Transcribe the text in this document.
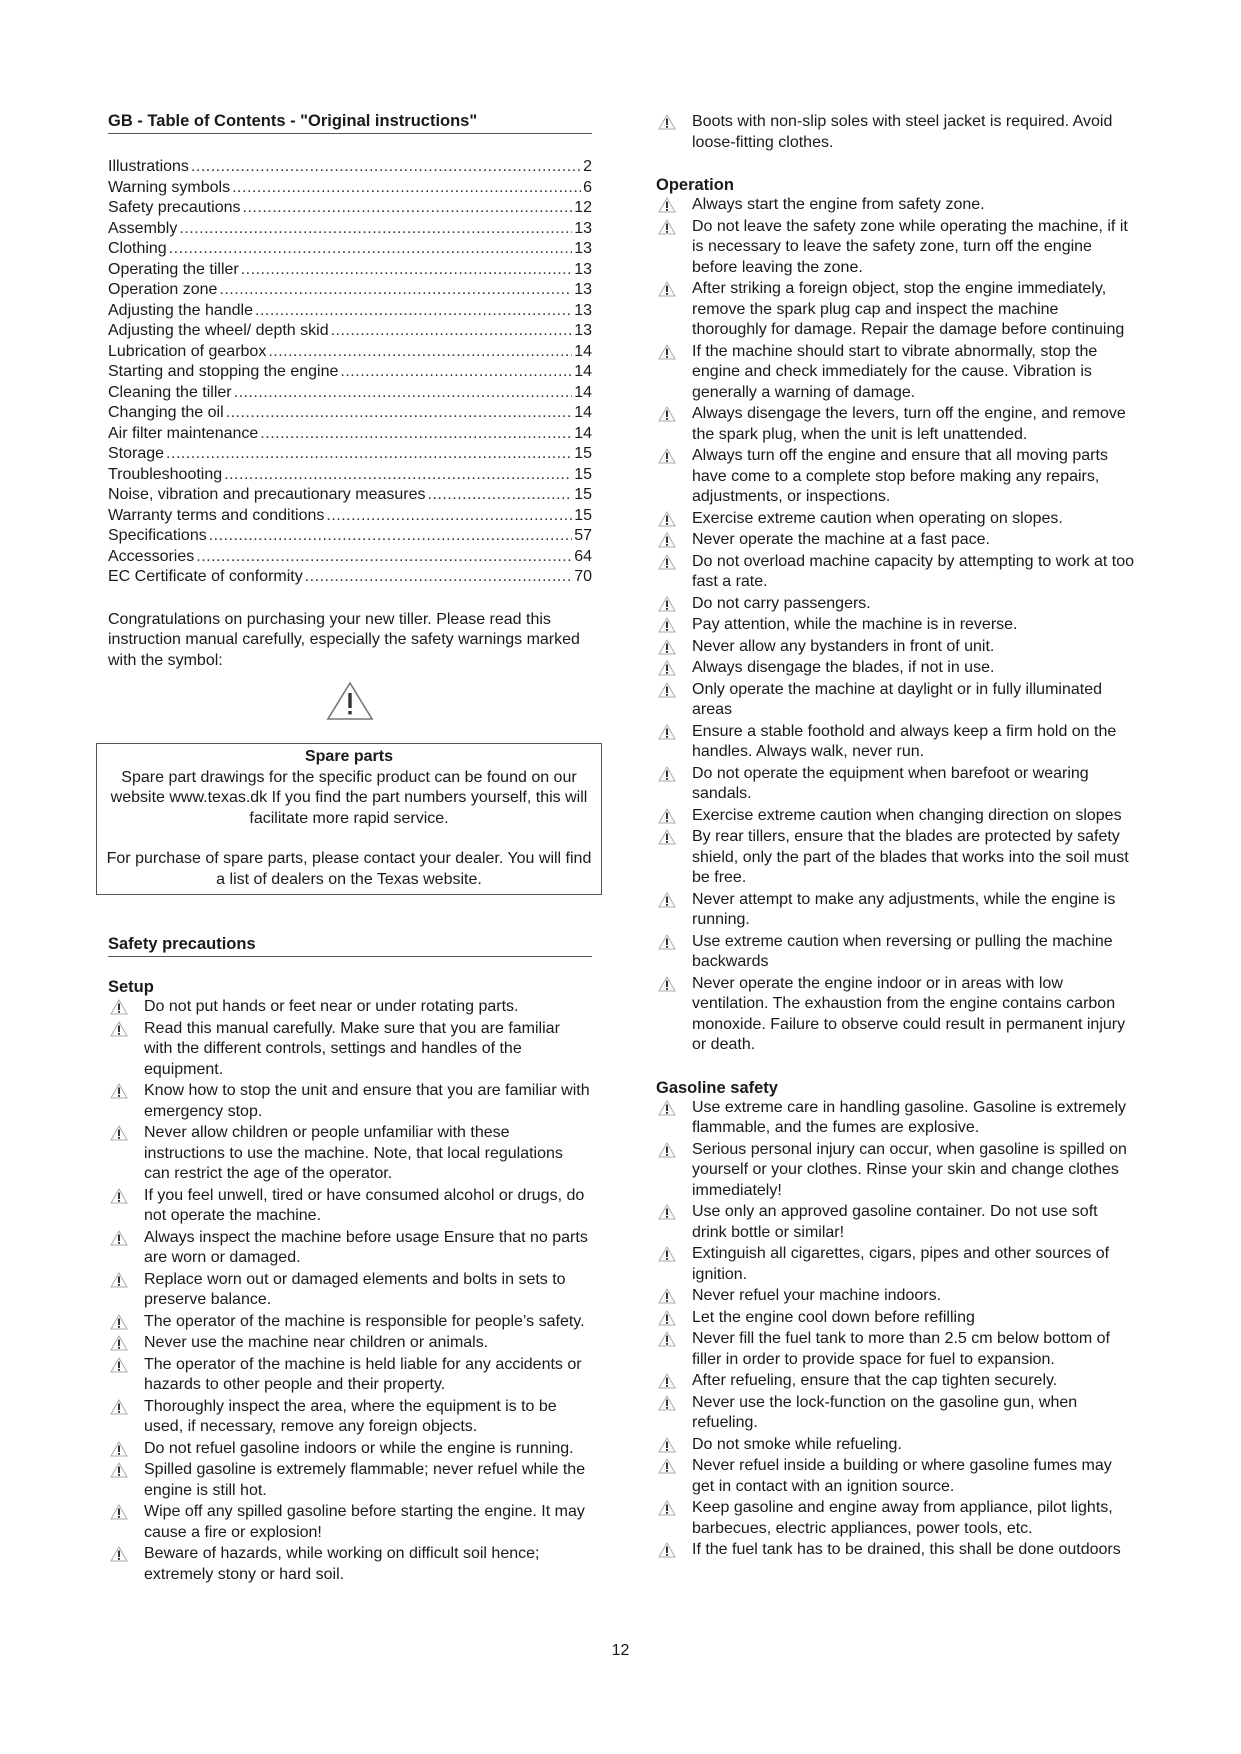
GB - Table of Contents - "Original instructions"
Illustrations .....	2
Warning symbols .....	6
Safety precautions .....	12
Assembly .....	13
Clothing .....	13
Operating the tiller .....	13
Operation zone .....	13
Adjusting the handle .....	13
Adjusting the wheel/ depth skid .....	13
Lubrication of gearbox .....	14
Starting and stopping the engine .....	14
Cleaning the tiller .....	14
Changing the oil .....	14
Air filter maintenance .....	14
Storage .....	15
Troubleshooting .....	15
Noise, vibration and precautionary measures .....	15
Warranty terms and conditions .....	15
Specifications .....	57
Accessories .....	64
EC Certificate of conformity .....	70
Congratulations on purchasing your new tiller. Please read this instruction manual carefully, especially the safety warnings marked with the symbol:
Spare parts
Spare part drawings for the specific product can be found on our website www.texas.dk If you find the part numbers yourself, this will facilitate more rapid service.
For purchase of spare parts, please contact your dealer. You will find a list of dealers on the Texas website.
Safety precautions
Setup
Do not put hands or feet near or under rotating parts.
Read this manual carefully. Make sure that you are familiar with the different controls, settings and handles of the equipment.
Know how to stop the unit and ensure that you are familiar with emergency stop.
Never allow children or people unfamiliar with these instructions to use the machine. Note, that local regulations can restrict the age of the operator.
If you feel unwell, tired or have consumed alcohol or drugs, do not operate the machine.
Always inspect the machine before usage Ensure that no parts are worn or damaged.
Replace worn out or damaged elements and bolts in sets to preserve balance.
The operator of the machine is responsible for people’s safety.
Never use the machine near children or animals.
The operator of the machine is held liable for any accidents or hazards to other people and their property.
Thoroughly inspect the area, where the equipment is to be used, if necessary, remove any foreign objects.
Do not refuel gasoline indoors or while the engine is running.
Spilled gasoline is extremely flammable; never refuel while the engine is still hot.
Wipe off any spilled gasoline before starting the engine. It may cause a fire or explosion!
Beware of hazards, while working on difficult soil hence; extremely stony or hard soil.
Boots with non-slip soles with steel jacket is required. Avoid loose-fitting clothes.
Operation
Always start the engine from safety zone.
Do not leave the safety zone while operating the machine, if it is necessary to leave the safety zone, turn off the engine before leaving the zone.
After striking a foreign object, stop the engine immediately, remove the spark plug cap and inspect the machine thoroughly for damage. Repair the damage before continuing
If the machine should start to vibrate abnormally, stop the engine and check immediately for the cause. Vibration is generally a warning of damage.
Always disengage the levers, turn off the engine, and remove the spark plug, when the unit is left unattended.
Always turn off the engine and ensure that all moving parts have come to a complete stop before making any repairs, adjustments, or inspections.
Exercise extreme caution when operating on slopes.
Never operate the machine at a fast pace.
Do not overload machine capacity by attempting to work at too fast a rate.
Do not carry passengers.
Pay attention, while the machine is in reverse.
Never allow any bystanders in front of unit.
Always disengage the blades, if not in use.
Only operate the machine at daylight or in fully illuminated areas
Ensure a stable foothold and always keep a firm hold on the handles. Always walk, never run.
Do not operate the equipment when barefoot or wearing sandals.
Exercise extreme caution when changing direction on slopes
By rear tillers, ensure that the blades are protected by safety shield, only the part of the blades that works into the soil must be free.
Never attempt to make any adjustments, while the engine is running.
Use extreme caution when reversing or pulling the machine backwards
Never operate the engine indoor or in areas with low ventilation. The exhaustion from the engine contains carbon monoxide. Failure to observe could result in permanent injury or death.
Gasoline safety
Use extreme care in handling gasoline. Gasoline is extremely flammable, and the fumes are explosive.
Serious personal injury can occur, when gasoline is spilled on yourself or your clothes. Rinse your skin and change clothes immediately!
Use only an approved gasoline container. Do not use soft drink bottle or similar!
Extinguish all cigarettes, cigars, pipes and other sources of ignition.
Never refuel your machine indoors.
Let the engine cool down before refilling
Never fill the fuel tank to more than 2.5 cm below bottom of filler in order to provide space for fuel to expansion.
After refueling, ensure that the cap tighten securely.
Never use the lock-function on the gasoline gun, when refueling.
Do not smoke while refueling.
Never refuel inside a building or where gasoline fumes may get in contact with an ignition source.
Keep gasoline and engine away from appliance, pilot lights, barbecues, electric appliances, power tools, etc.
If the fuel tank has to be drained, this shall be done outdoors
12
